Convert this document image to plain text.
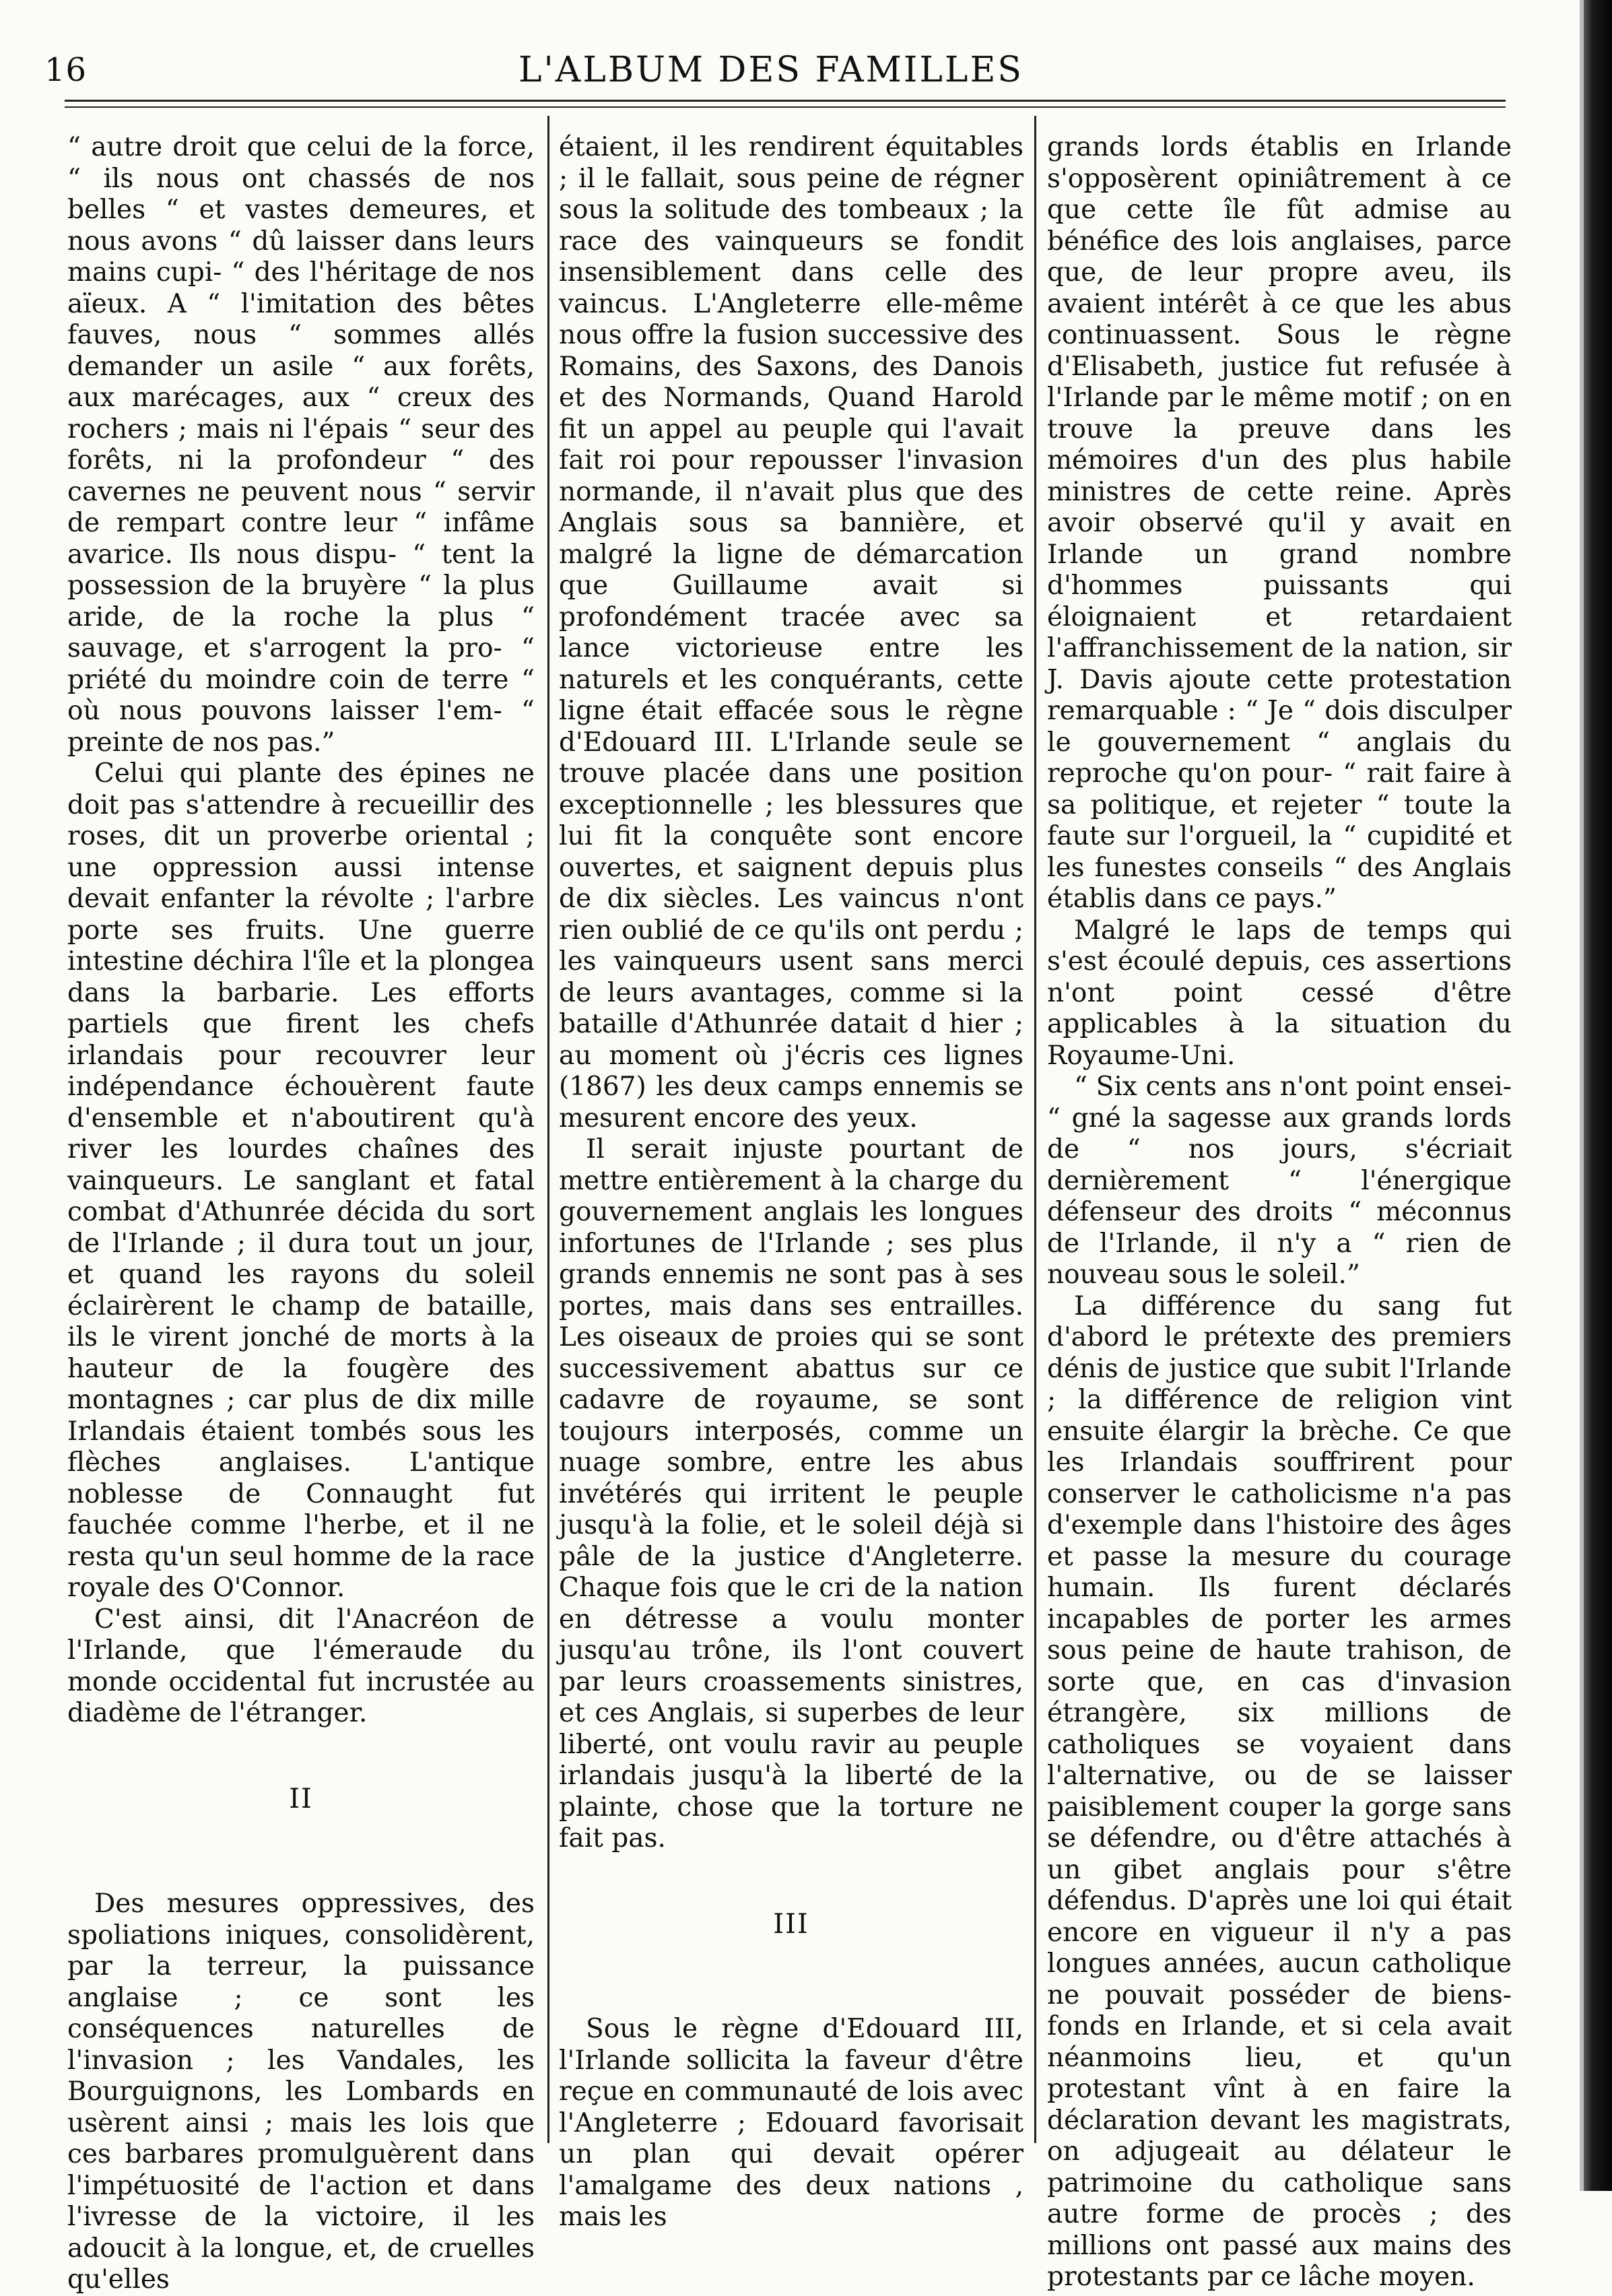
16	L'ALBUM DES FAMILLES

“ autre droit que celui de la force, “ ils nous ont chassés de nos belles “ et vastes demeures, et nous avons “ dû laisser dans leurs mains cupi- “ des l'héritage de nos aïeux. A “ l'imitation des bêtes fauves, nous “ sommes allés demander un asile “ aux forêts, aux marécages, aux “ creux des rochers ; mais ni l'épais “ seur des forêts, ni la profondeur “ des cavernes ne peuvent nous “ servir de rempart contre leur “ infâme avarice. Ils nous dispu- “ tent la possession de la bruyère “ la plus aride, de la roche la plus “ sauvage, et s'arrogent la pro- “ priété du moindre coin de terre “ où nous pouvons laisser l'em- “ preinte de nos pas.”

Celui qui plante des épines ne doit pas s'attendre à recueillir des roses, dit un proverbe oriental ; une oppression aussi intense devait enfanter la révolte ; l'arbre porte ses fruits. Une guerre intestine déchira l'île et la plongea dans la barbarie. Les efforts partiels que firent les chefs irlandais pour recouvrer leur indépendance échouèrent faute d'ensemble et n'aboutirent qu'à river les lourdes chaînes des vainqueurs. Le sanglant et fatal combat d'Athunrée décida du sort de l'Irlande ; il dura tout un jour, et quand les rayons du soleil éclairèrent le champ de bataille, ils le virent jonché de morts à la hauteur de la fougère des montagnes ; car plus de dix mille Irlandais étaient tombés sous les flèches anglaises. L'antique noblesse de Connaught fut fauchée comme l'herbe, et il ne resta qu'un seul homme de la race royale des O'Connor.

C'est ainsi, dit l'Anacréon de l'Irlande, que l'émeraude du monde occidental fut incrustée au diadème de l'étranger.

II

Des mesures oppressives, des spoliations iniques, consolidèrent, par la terreur, la puissance anglaise ; ce sont les conséquences naturelles de l'invasion ; les Vandales, les Bourguignons, les Lombards en usèrent ainsi ; mais les lois que ces barbares promulguèrent dans l'impétuosité de l'action et dans l'ivresse de la victoire, il les adoucit à la longue, et, de cruelles qu'elles

étaient, il les rendirent équitables ; il le fallait, sous peine de régner sous la solitude des tombeaux ; la race des vainqueurs se fondit insensiblement dans celle des vaincus. L'Angleterre elle-même nous offre la fusion successive des Romains, des Saxons, des Danois et des Normands, Quand Harold fit un appel au peuple qui l'avait fait roi pour repousser l'invasion normande, il n'avait plus que des Anglais sous sa bannière, et malgré la ligne de démarcation que Guillaume avait si profondément tracée avec sa lance victorieuse entre les naturels et les conquérants, cette ligne était effacée sous le règne d'Edouard III. L'Irlande seule se trouve placée dans une position exceptionnelle ; les blessures que lui fit la conquête sont encore ouvertes, et saignent depuis plus de dix siècles. Les vaincus n'ont rien oublié de ce qu'ils ont perdu ; les vainqueurs usent sans merci de leurs avantages, comme si la bataille d'Athunrée datait d hier ; au moment où j'écris ces lignes (1867) les deux camps ennemis se mesurent encore des yeux.

Il serait injuste pourtant de mettre entièrement à la charge du gouvernement anglais les longues infortunes de l'Irlande ; ses plus grands ennemis ne sont pas à ses portes, mais dans ses entrailles. Les oiseaux de proies qui se sont successivement abattus sur ce cadavre de royaume, se sont toujours interposés, comme un nuage sombre, entre les abus invétérés qui irritent le peuple jusqu'à la folie, et le soleil déjà si pâle de la justice d'Angleterre. Chaque fois que le cri de la nation en détresse a voulu monter jusqu'au trône, ils l'ont couvert par leurs croassements sinistres, et ces Anglais, si superbes de leur liberté, ont voulu ravir au peuple irlandais jusqu'à la liberté de la plainte, chose que la torture ne fait pas.

III

Sous le règne d'Edouard III, l'Irlande sollicita la faveur d'être reçue en communauté de lois avec l'Angleterre ; Edouard favorisait un plan qui devait opérer l'amalgame des deux nations , mais les

grands lords établis en Irlande s'opposèrent opiniâtrement à ce que cette île fût admise au bénéfice des lois anglaises, parce que, de leur propre aveu, ils avaient intérêt à ce que les abus continuassent. Sous le règne d'Elisabeth, justice fut refusée à l'Irlande par le même motif ; on en trouve la preuve dans les mémoires d'un des plus habile ministres de cette reine. Après avoir observé qu'il y avait en Irlande un grand nombre d'hommes puissants qui éloignaient et retardaient l'affranchissement de la nation, sir J. Davis ajoute cette protestation remarquable : “ Je “ dois disculper le gouvernement “ anglais du reproche qu'on pour- “ rait faire à sa politique, et rejeter “ toute la faute sur l'orgueil, la “ cupidité et les funestes conseils “ des Anglais établis dans ce pays.”

Malgré le laps de temps qui s'est écoulé depuis, ces assertions n'ont point cessé d'être applicables à la situation du Royaume-Uni.

“ Six cents ans n'ont point ensei- “ gné la sagesse aux grands lords de “ nos jours, s'écriait dernièrement “ l'énergique défenseur des droits “ méconnus de l'Irlande, il n'y a “ rien de nouveau sous le soleil.”

La différence du sang fut d'abord le prétexte des premiers dénis de justice que subit l'Irlande ; la différence de religion vint ensuite élargir la brèche. Ce que les Irlandais souffrirent pour conserver le catholicisme n'a pas d'exemple dans l'histoire des âges et passe la mesure du courage humain. Ils furent déclarés incapables de porter les armes sous peine de haute trahison, de sorte que, en cas d'invasion étrangère, six millions de catholiques se voyaient dans l'alternative, ou de se laisser paisiblement couper la gorge sans se défendre, ou d'être attachés à un gibet anglais pour s'être défendus. D'après une loi qui était encore en vigueur il n'y a pas longues années, aucun catholique ne pouvait posséder de biens-fonds en Irlande, et si cela avait néanmoins lieu, et qu'un protestant vînt à en faire la déclaration devant les magistrats, on adjugeait au délateur le patrimoine du catholique sans autre forme de procès ; des millions ont passé aux mains des protestants par ce lâche moyen.
